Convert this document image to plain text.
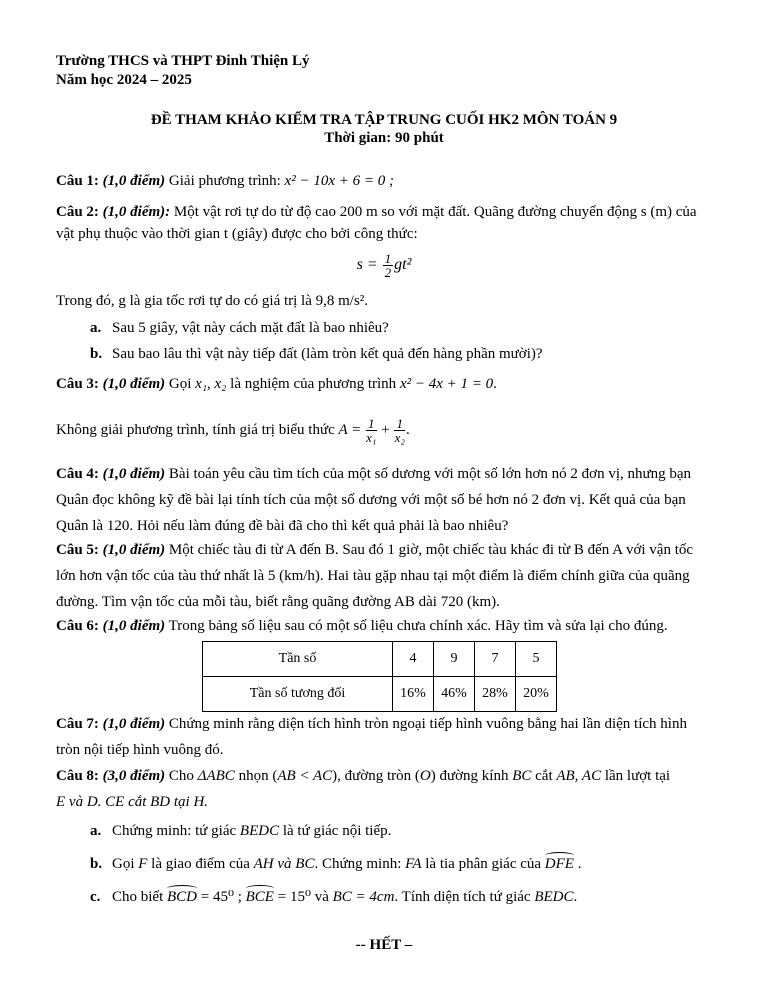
Trường THCS và THPT Đinh Thiện Lý
Năm học 2024 – 2025
ĐỀ THAM KHẢO KIỂM TRA TẬP TRUNG CUỐI HK2 MÔN TOÁN 9
Thời gian: 90 phút
Câu 1: (1,0 điểm) Giải phương trình: x² − 10x + 6 = 0 ;
Câu 2: (1,0 điểm): Một vật rơi tự do từ độ cao 200 m so với mặt đất. Quãng đường chuyển động s (m) của
vật phụ thuộc vào thời gian t (giây) được cho bởi công thức:
$s = \frac{1}{2} gt^2$
Trong đó, g là gia tốc rơi tự do có giá trị là 9,8 m/s².
a. Sau 5 giây, vật này cách mặt đất là bao nhiêu?
b. Sau bao lâu thì vật này tiếp đất (làm tròn kết quả đến hàng phần mười)?
Câu 3: (1,0 điểm) Gọi x₁, x₂ là nghiệm của phương trình x² − 4x + 1 = 0.
Không giải phương trình, tính giá trị biểu thức $A = \frac{1}{\text{x₁}} + \frac{1}{\text{x₂}}$ .
Câu 4: (1,0 điểm) Bài toán yêu cầu tìm tích của một số dương với một số lớn hơn nó 2 đơn vị, nhưng bạn
Quân đọc không kỹ đề bài lại tính tích của một số dương với một số bé hơn nó 2 đơn vị. Kết quả của bạn
Quân là 120. Hỏi nếu làm đúng đề bài đã cho thì kết quả phải là bao nhiêu?
Câu 5: (1,0 điểm) Một chiếc tàu đi từ A đến B. Sau đó 1 giờ, một chiếc tàu khác đi từ B đến A với vận tốc
lớn hơn vận tốc của tàu thứ nhất là 5 (km/h). Hai tàu gặp nhau tại một điểm là điểm chính giữa của quãng
đường. Tìm vận tốc của mỗi tàu, biết rằng quãng đường AB dài 720 (km).
Câu 6: (1,0 điểm) Trong bảng số liệu sau có một số liệu chưa chính xác. Hãy tìm và sửa lại cho đúng.
Tần số	4	9	7	5
Tần số tương đối	16%	46%	28%	20%
Câu 7: (1,0 điểm) Chứng minh rằng diện tích hình tròn ngoại tiếp hình vuông bằng hai lần diện tích hình
tròn nội tiếp hình vuông đó.
Câu 8: (3,0 điểm) Cho ΔABC nhọn (AB < AC), đường tròn (O) đường kính BC cắt AB, AC lần lượt tại
E và D. CE cắt BD tại H.
a. Chứng minh: tứ giác BEDC là tứ giác nội tiếp.
b. Gọi F là giao điểm của AH và BC. Chứng minh: FA là tia phân giác của DFE .
c. Cho biết BCD = 45⁰ ; BCE = 15⁰ và BC = 4cm. Tính diện tích tứ giác BEDC.
-- HẾT –
